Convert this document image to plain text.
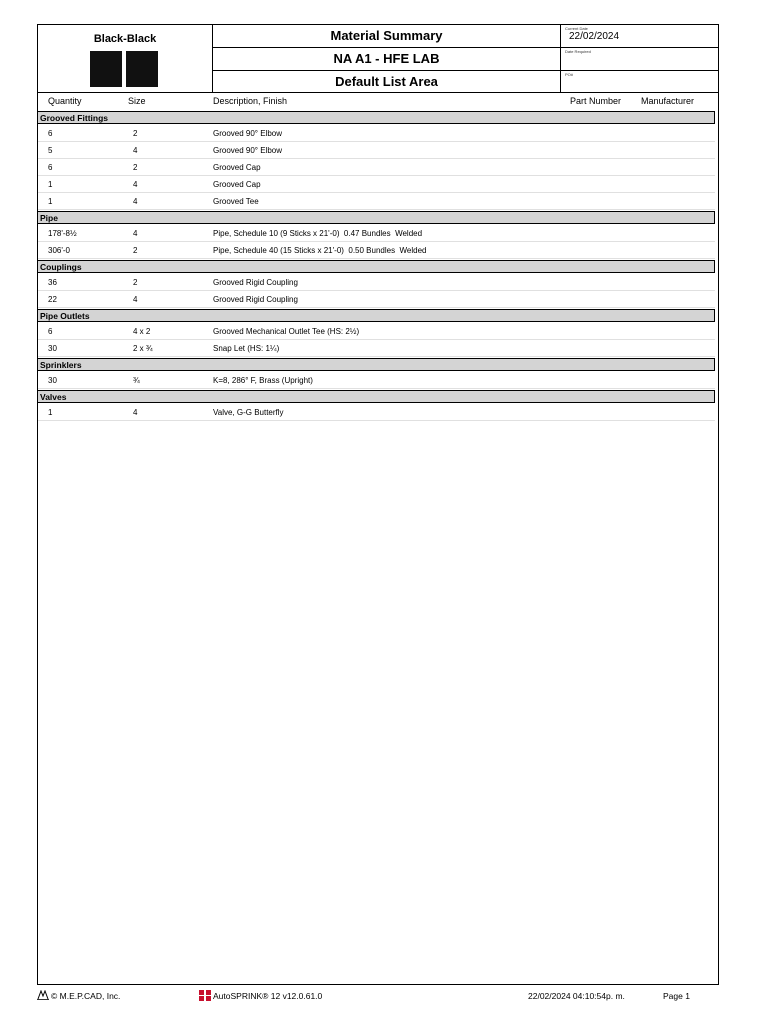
Black-Black	Material Summary
NA A1 - HFE LAB
Default List Area
Current Date
22/02/2024
Date Required
PO#
Quantity	Size	Description, Finish	Part Number Manufacturer
Grooved Fittings
6	2	Grooved 90° Elbow
5	4	Grooved 90° Elbow
6	2	Grooved Cap
1	4	Grooved Cap
1	4	Grooved Tee
Pipe
178'-8½	4	Pipe, Schedule 10 (9 Sticks x 21'-0)  0.47 Bundles  Welded
306'-0	2	Pipe, Schedule 40 (15 Sticks x 21'-0)  0.50 Bundles  Welded
Couplings
36	2	Grooved Rigid Coupling
22	4	Grooved Rigid Coupling
Pipe Outlets
6	4 x 2	Grooved Mechanical Outlet Tee (HS: 2½)
30	2 x ¾	Snap Let (HS: 1¼)
Sprinklers
30	¾	K=8, 286° F, Brass (Upright)
Valves
1	4	Valve, G-G Butterfly
© M.E.P.CAD, Inc.	AutoSPRINK® 12 v12.0.61.0	22/02/2024 04:10:54p. m.	Page 1
